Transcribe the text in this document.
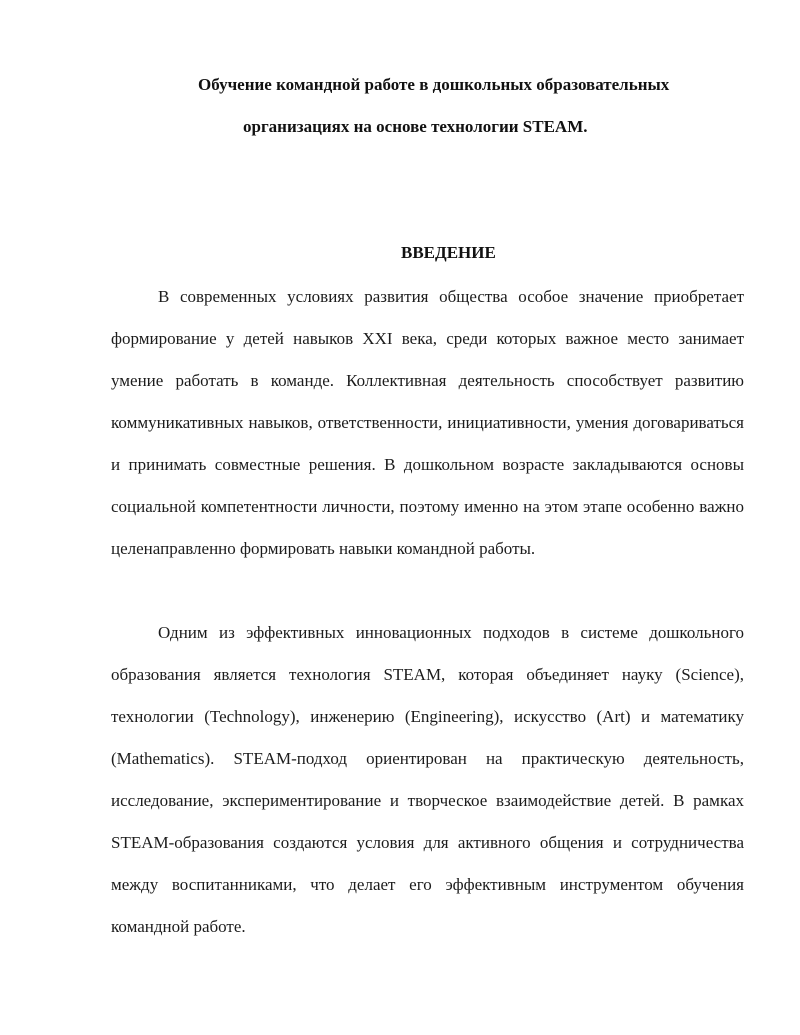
Обучение командной работе в дошкольных образовательных
организациях на основе технологии STEAM.
ВВЕДЕНИЕ

В современных условиях развития общества особое значение приобретает формирование у детей навыков XXI века, среди которых важное место занимает умение работать в команде. Коллективная деятельность способствует развитию коммуникативных навыков, ответственности, инициативности, умения договариваться и принимать совместные решения. В дошкольном возрасте закладываются основы социальной компетентности личности, поэтому именно на этом этапе особенно важно целенаправленно формировать навыки командной работы.

Одним из эффективных инновационных подходов в системе дошкольного образования является технология STEAM, которая объединяет науку (Science), технологии (Technology), инженерию (Engineering), искусство (Art) и математику (Mathematics). STEAM-подход ориентирован на практическую деятельность, исследование, экспериментирование и творческое взаимодействие детей. В рамках STEAM-образования создаются условия для активного общения и сотрудничества между воспитанниками, что делает его эффективным инструментом обучения командной работе.
